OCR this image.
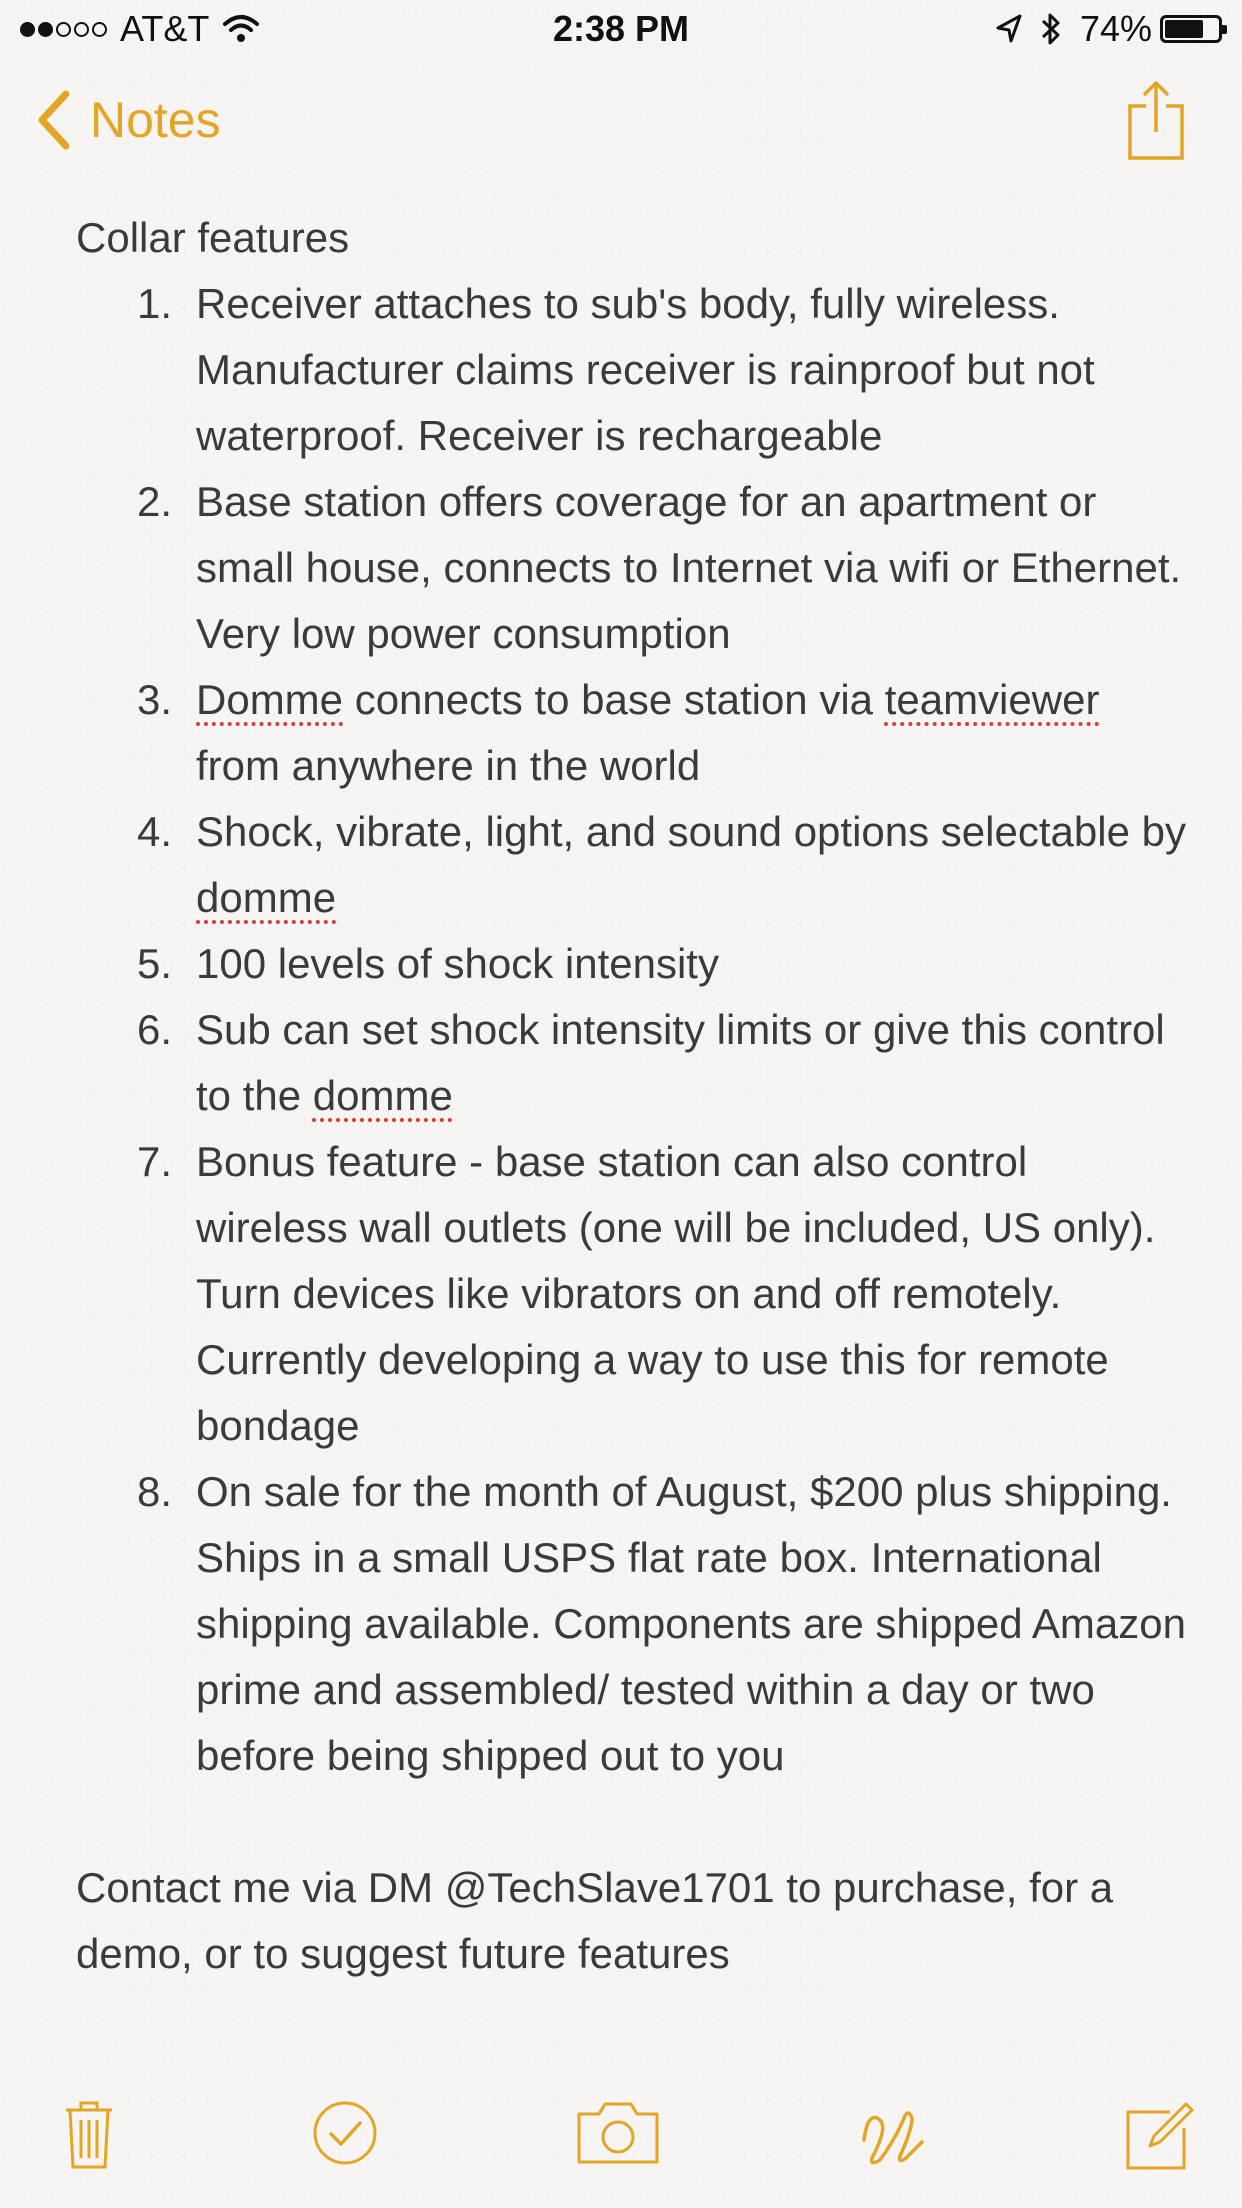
AT&T	2:38 PM	74%
Notes
Collar features
1. Receiver attaches to sub's body, fully wireless. Manufacturer claims receiver is rainproof but not waterproof. Receiver is rechargeable
2. Base station offers coverage for an apartment or small house, connects to Internet via wifi or Ethernet. Very low power consumption
3. Domme connects to base station via teamviewer from anywhere in the world
4. Shock, vibrate, light, and sound options selectable by domme
5. 100 levels of shock intensity
6. Sub can set shock intensity limits or give this control to the domme
7. Bonus feature - base station can also control wireless wall outlets (one will be included, US only). Turn devices like vibrators on and off remotely. Currently developing a way to use this for remote bondage
8. On sale for the month of August, $200 plus shipping. Ships in a small USPS flat rate box. International shipping available. Components are shipped Amazon prime and assembled/ tested within a day or two before being shipped out to you

Contact me via DM @TechSlave1701 to purchase, for a demo, or to suggest future features
